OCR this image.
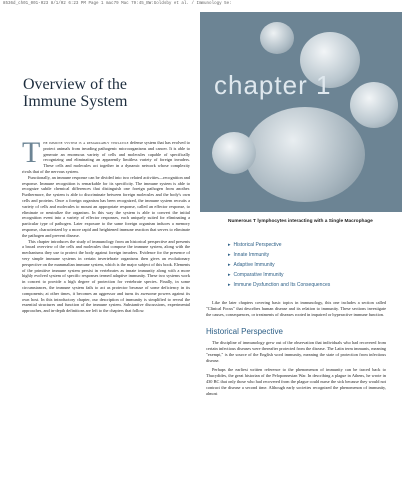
8536d_ch01_001-023 8/1/02 6:23 PM Page 1 mac79 Mac 79:45_BW:Goldsby et al. / Immunology 5e:
chapter 1
Overview of the
Immune System

T he immune system is a remarkably versatile defense system that has evolved to protect animals from invading pathogenic microorganisms and cancer. It is able to generate an enormous variety of cells and molecules capable of specifically recognizing and eliminating an apparently limitless variety of foreign invaders. These cells and molecules act together in a dynamic network whose complexity rivals that of the nervous system.

Functionally, an immune response can be divided into two related activities—recognition and response. Immune recognition is remarkable for its specificity. The immune system is able to recognize subtle chemical differences that distinguish one foreign pathogen from another. Furthermore, the system is able to discriminate between foreign molecules and the body's own cells and proteins. Once a foreign organism has been recognized, the immune system recruits a variety of cells and molecules to mount an appropriate response, called an effector response, to eliminate or neutralize the organism. In this way the system is able to convert the initial recognition event into a variety of effector responses, each uniquely suited for eliminating a particular type of pathogen. Later exposure to the same foreign organism induces a memory response, characterized by a more rapid and heightened immune reaction that serves to eliminate the pathogen and prevent disease.

This chapter introduces the study of immunology from an historical perspective and presents a broad overview of the cells and molecules that compose the immune system, along with the mechanisms they use to protect the body against foreign invaders. Evidence for the presence of very simple immune systems in certain invertebrate organisms then gives an evolutionary perspective on the mammalian immune system, which is the major subject of this book. Elements of the primitive immune system persist in vertebrates as innate immunity along with a more highly evolved system of specific responses termed adaptive immunity. These two systems work in concert to provide a high degree of protection for vertebrate species. Finally, in some circumstances, the immune system fails to act as protector because of some deficiency in its components; at other times, it becomes an aggressor and turns its awesome powers against its own host. In this introductory chapter, our description of immunity is simplified to reveal the essential structures and function of the immune system. Substantive discussions, experimental approaches, and in-depth definitions are left to the chapters that follow.

Numerous T lymphocytes interacting with a Single Macrophage
▸ Historical Perspective
▸ Innate Immunity
▸ Adaptive Immunity
▸ Comparative Immunity
▸ Immune Dysfunction and Its Consequences

Like the later chapters covering basic topics in immunology, this one includes a section called "Clinical Focus" that describes human disease and its relation to immunity. These sections investigate the causes, consequences, or treatments of diseases rooted in impaired or hyperactive immune function.

Historical Perspective

The discipline of immunology grew out of the observation that individuals who had recovered from certain infectious diseases were thereafter protected from the disease. The Latin term immunis, meaning "exempt," is the source of the English word immunity, meaning the state of protection from infectious disease.

Perhaps the earliest written reference to the phenomenon of immunity can be traced back to Thucydides, the great historian of the Peloponnesian War. In describing a plague in Athens, he wrote in 430 BC that only those who had recovered from the plague could nurse the sick because they would not contract the disease a second time. Although early societies recognized the phenomenon of immunity, almost
